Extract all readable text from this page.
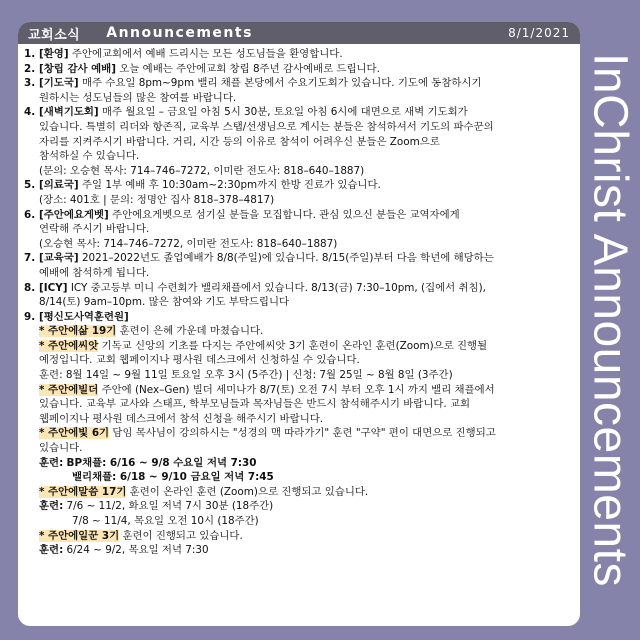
교회소식 Announcements	8/1/2021
1. [환영] 주안에교회에서 예배 드리시는 모든 성도님들을 환영합니다.
2. [창립 감사 예배] 오늘 예배는 주안에교회 창립 8주년 감사예배로 드립니다.
3. [기도국] 매주 수요일 8pm~9pm 밸리 채플 본당에서 수요기도회가 있습니다. 기도에 동참하시기
원하시는 성도님들의 많은 참여를 바랍니다.
4. [새벽기도회] 매주 월요일 – 금요일 아침 5시 30분, 토요일 아침 6시에 대면으로 새벽 기도회가
있습니다. 특별히 리더와 항존직, 교육부 스탭/선생님으로 계시는 분들은 참석하셔서 기도의 파수꾼의
자리를 지켜주시기 바랍니다. 거리, 시간 등의 이유로 참석이 어려우신 분들은 Zoom으로
참석하실 수 있습니다.
(문의: 오승현 목사: 714–746–7272, 이미란 전도사: 818–640–1887)
5. [의료국] 주일 1부 예배 후 10:30am~2:30pm까지 한방 진료가 있습니다.
(장소: 401호 | 문의: 정명안 집사 818–378–4817)
6. [주안에요게벳] 주안에요게벳으로 섬기실 분들을 모집합니다. 관심 있으신 분들은 교역자에게
연락해 주시기 바랍니다.
(오승현 목사: 714–746–7272, 이미란 전도사: 818–640–1887)
7. [교육국] 2021–2022년도 졸업예배가 8/8(주일)에 있습니다. 8/15(주일)부터 다음 학년에 해당하는
예배에 참석하게 됩니다.
8. [ICY] ICY 중고등부 미니 수련회가 밸리채플에서 있습니다. 8/13(금) 7:30–10pm, (집에서 취침),
8/14(토) 9am–10pm. 많은 참여와 기도 부탁드립니다
9. [평신도사역훈련원]
* 주안에삶 19기 훈련이 은혜 가운데 마쳤습니다.
* 주안에씨앗 기독교 신앙의 기초를 다지는 주안에씨앗 3기 훈련이 온라인 훈련(Zoom)으로 진행될
예정입니다. 교회 웹페이지나 평사원 데스크에서 신청하실 수 있습니다.
훈련: 8월 14일 ~ 9월 11일 토요일 오후 3시 (5주간) | 신청: 7월 25일 ~ 8월 8일 (3주간)
* 주안에빌더 주안에 (Nex–Gen) 빌더 세미나가 8/7(토) 오전 7시 부터 오후 1시 까지 밸리 채플에서
있습니다. 교육부 교사와 스태프, 학부모님들과 목자님들은 반드시 참석해주시기 바랍니다. 교회
웹페이지나 평사원 데스크에서 참석 신청을 해주시기 바랍니다.
* 주안에빛 6기 담임 목사님이 강의하시는 "성경의 맥 따라가기" 훈련 "구약" 편이 대면으로 진행되고
있습니다.
훈련: BP채플: 6/16 ~ 9/8 수요일 저녁 7:30
밸리채플: 6/18 ~ 9/10 금요일 저녁 7:45
* 주안에말씀 17기 훈련이 온라인 훈련 (Zoom)으로 진행되고 있습니다.
훈련: 7/6 ~ 11/2, 화요일 저녁 7시 30분 (18주간)
7/8 ~ 11/4, 목요일 오전 10시 (18주간)
* 주안에일꾼 3기 훈련이 진행되고 있습니다.
훈련: 6/24 ~ 9/2, 목요일 저녁 7:30	InChrist Announcements
